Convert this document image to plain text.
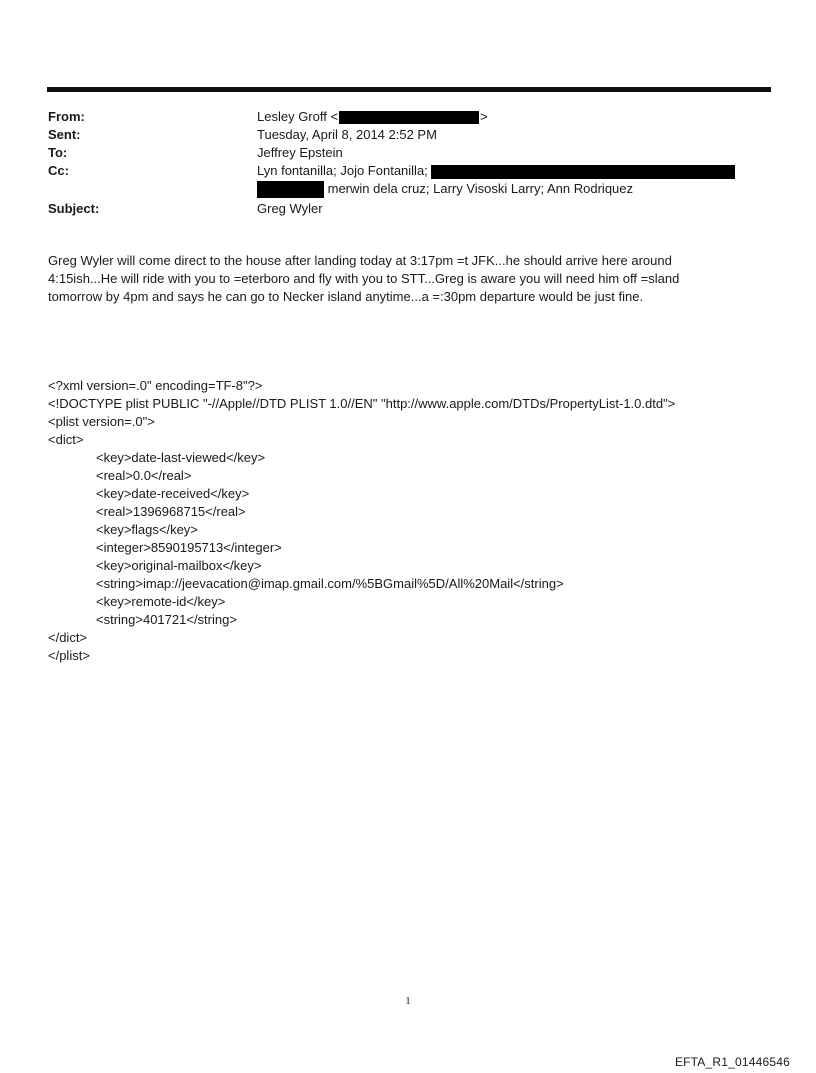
From:	Lesley Groff <	>
Sent:	Tuesday, April 8, 2014 2:52 PM
To:	Jeffrey Epstein
Cc:	Lyn fontanilla; Jojo Fontanilla;
merwin dela cruz; Larry Visoski Larry; Ann Rodriquez
Subject:	Greg Wyler

Greg Wyler will come direct to the house after landing today at 3:17pm =t JFK...he should arrive here around

4:15ish...He will ride with you to =eterboro and fly with you to STT...Greg is aware you will need him off =sland

tomorrow by 4pm and says he can go to Necker island anytime...a =:30pm departure would be just fine.

<?xml version=.0" encoding=TF-8"?>
<!DOCTYPE plist PUBLIC "-//Apple//DTD PLIST 1.0//EN" "http://www.apple.com/DTDs/PropertyList-1.0.dtd">
<plist version=.0">
<dict>
<key>date-last-viewed</key>
<real>0.0</real>
<key>date-received</key>
<real>1396968715</real>
<key>flags</key>
<integer>8590195713</integer>
<key>original-mailbox</key>
<string>imap://jeevacation@imap.gmail.com/%5BGmail%5D/All%20Mail</string>
<key>remote-id</key>
<string>401721</string>
</dict>
</plist>
1
EFTA_R1_01446546
